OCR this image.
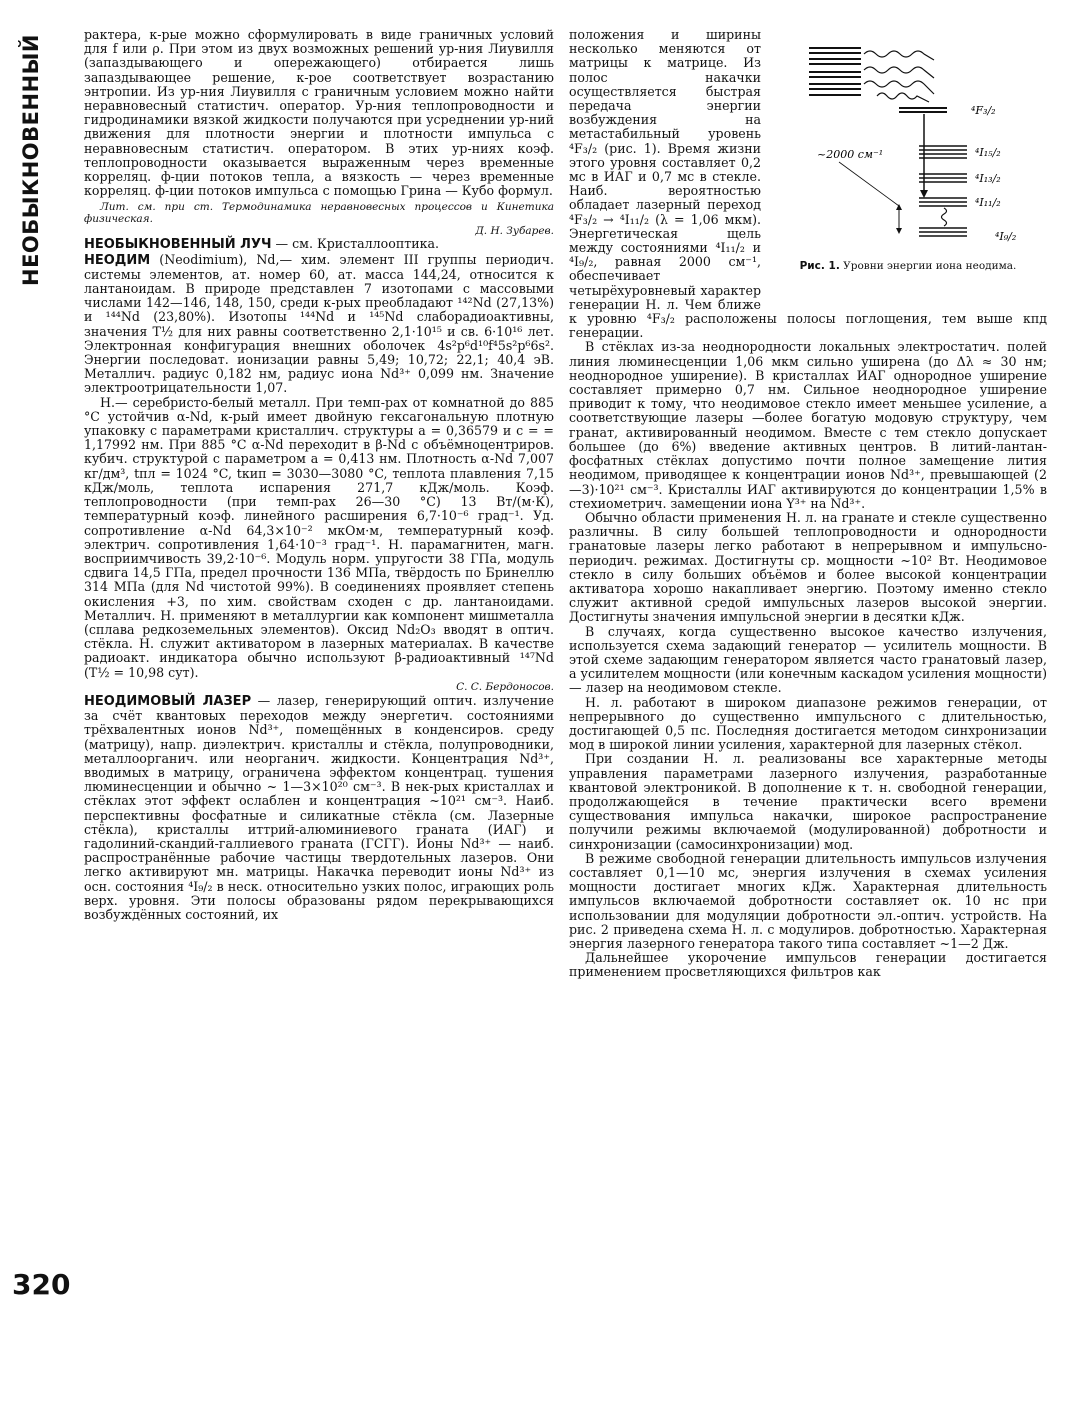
НЕОБЫКНОВЕННЫЙ
320

рактера, к-рые можно сформулировать в виде граничных условий для f или ρ. При этом из двух возможных решений ур-ния Лиувилля (запаздывающего и опережающего) отбирается лишь запаздывающее решение, к-рое соответствует возрастанию энтропии. Из ур-ния Лиувилля с граничным условием можно найти неравновесный статистич. оператор. Ур-ния теплопроводности и гидродинамики вязкой жидкости получаются при усреднении ур-ний движения для плотности энергии и плотности импульса с неравновесным статистич. оператором. В этих ур-ниях коэф. теплопроводности оказывается выраженным через временные корреляц. ф-ции потоков тепла, а вязкость — через временные корреляц. ф-ции потоков импульса с помощью Грина — Кубо формул.

Лит. см. при ст. Термодинамика неравновесных процессов и Кинетика физическая.
Д. Н. Зубарев.

НЕОБЫКНОВЕННЫЙ ЛУЧ — см. Кристаллооптика.

НЕОДИМ (Neodimium), Nd,— хим. элемент III группы периодич. системы элементов, ат. номер 60, ат. масса 144,24, относится к лантаноидам. В природе представлен 7 изотопами с массовыми числами 142—146, 148, 150, среди к-рых преобладают ¹⁴²Nd (27,13%) и ¹⁴⁴Nd (23,80%). Изотопы ¹⁴⁴Nd и ¹⁴⁵Nd слаборадиоактивны, значения T½ для них равны соответственно 2,1·10¹⁵ и св. 6·10¹⁶ лет. Электронная конфигурация внешних оболочек 4s²p⁶d¹⁰f⁴5s²p⁶6s². Энергии последоват. ионизации равны 5,49; 10,72; 22,1; 40,4 эВ. Металлич. радиус 0,182 нм, радиус иона Nd³⁺ 0,099 нм. Значение электроотрицательности 1,07.

Н.— серебристо-белый металл. При темп-рах от комнатной до 885 °C устойчив α-Nd, к-рый имеет двойную гексагональную плотную упаковку с параметрами кристаллич. структуры a = 0,36579 и c = = 1,17992 нм. При 885 °C α-Nd переходит в β-Nd с объёмноцентриров. кубич. структурой с параметром a = 0,413 нм. Плотность α-Nd 7,007 кг/дм³, tпл = 1024 °C, tкип = 3030—3080 °C, теплота плавления 7,15 кДж/моль, теплота испарения 271,7 кДж/моль. Коэф. теплопроводности (при темп-рах 26—30 °C) 13 Вт/(м·К), температурный коэф. линейного расширения 6,7·10⁻⁶ град⁻¹. Уд. сопротивление α-Nd 64,3×10⁻² мкОм·м, температурный коэф. электрич. сопротивления 1,64·10⁻³ град⁻¹. Н. парамагнитен, магн. восприимчивость 39,2·10⁻⁶. Модуль норм. упругости 38 ГПа, модуль сдвига 14,5 ГПа, предел прочности 136 МПа, твёрдость по Бринеллю 314 МПа (для Nd чистотой 99%). В соединениях проявляет степень окисления +3, по хим. свойствам сходен с др. лантаноидами. Металлич. Н. применяют в металлургии как компонент мишметалла (сплава редкоземельных элементов). Оксид Nd₂O₃ вводят в оптич. стёкла. Н. служит активатором в лазерных материалах. В качестве радиоакт. индикатора обычно используют β-радиоактивный ¹⁴⁷Nd (T½ = 10,98 сут).

С. С. Бердоносов.

НЕОДИМОВЫЙ ЛАЗЕР — лазер, генерирующий оптич. излучение за счёт квантовых переходов между энергетич. состояниями трёхвалентных ионов Nd³⁺, помещённых в конденсиров. среду (матрицу), напр. диэлектрич. кристаллы и стёкла, полупроводники, металлоорганич. или неорганич. жидкости. Концентрация Nd³⁺, вводимых в матрицу, ограничена эффектом концентрац. тушения люминесценции и обычно ~ 1—3×10²⁰ см⁻³. В нек-рых кристаллах и стёклах этот эффект ослаблен и концентрация ~10²¹ см⁻³. Наиб. перспективны фосфатные и силикатные стёкла (см. Лазерные стёкла), кристаллы иттрий-алюминиевого граната (ИАГ) и гадолиний-скандий-галлиевого граната (ГСГГ). Ионы Nd³⁺ — наиб. распространённые рабочие частицы твердотельных лазеров. Они легко активируют мн. матрицы. Накачка переводит ионы Nd³⁺ из осн. состояния ⁴I₉/₂ в неск. относительно узких полос, играющих роль верх. уровня. Эти полосы образованы рядом перекрывающихся возбуждённых состояний, их

~2000 см⁻¹
⁴F₃/₂
⁴I₁₅/₂
⁴I₁₃/₂
⁴I₁₁/₂
⁴I₉/₂
Рис. 1. Уровни энергии иона неодима.

положения и ширины несколько меняются от матрицы к матрице. Из полос накачки осуществляется быстрая передача энергии возбуждения на метастабильный уровень ⁴F₃/₂ (рис. 1). Время жизни этого уровня составляет 0,2 мс в ИАГ и 0,7 мс в стекле. Наиб. вероятностью обладает лазерный переход ⁴F₃/₂ → ⁴I₁₁/₂ (λ = 1,06 мкм). Энергетическая щель между состояниями ⁴I₁₁/₂ и ⁴I₉/₂, равная 2000 см⁻¹, обеспечивает четырёхуровневый характер генерации Н. л. Чем ближе к уровню ⁴F₃/₂ расположены полосы поглощения, тем выше кпд генерации.

В стёклах из-за неоднородности локальных электростатич. полей линия люминесценции 1,06 мкм сильно уширена (до Δλ ≈ 30 нм; неоднородное уширение). В кристаллах ИАГ однородное уширение составляет примерно 0,7 нм. Сильное неоднородное уширение приводит к тому, что неодимовое стекло имеет меньшее усиление, а соответствующие лазеры —более богатую модовую структуру, чем гранат, активированный неодимом. Вместе с тем стекло допускает большее (до 6%) введение активных центров. В литий-лантан-фосфатных стёклах допустимо почти полное замещение лития неодимом, приводящее к концентрации ионов Nd³⁺, превышающей (2—3)·10²¹ см⁻³. Кристаллы ИАГ активируются до концентрации 1,5% в стехиометрич. замещении иона Y³⁺ на Nd³⁺.

Обычно области применения Н. л. на гранате и стекле существенно различны. В силу большей теплопроводности и однородности гранатовые лазеры легко работают в непрерывном и импульсно-периодич. режимах. Достигнуты ср. мощности ~10² Вт. Неодимовое стекло в силу больших объёмов и более высокой концентрации активатора хорошо накапливает энергию. Поэтому именно стекло служит активной средой импульсных лазеров высокой энергии. Достигнуты значения импульсной энергии в десятки кДж.

В случаях, когда существенно высокое качество излучения, используется схема задающий генератор — усилитель мощности. В этой схеме задающим генератором является часто гранатовый лазер, а усилителем мощности (или конечным каскадом усиления мощности) — лазер на неодимовом стекле.

Н. л. работают в широком диапазоне режимов генерации, от непрерывного до существенно импульсного с длительностью, достигающей 0,5 пс. Последняя достигается методом синхронизации мод в широкой линии усиления, характерной для лазерных стёкол.

При создании Н. л. реализованы все характерные методы управления параметрами лазерного излучения, разработанные квантовой электроникой. В дополнение к т. н. свободной генерации, продолжающейся в течение практически всего времени существования импульса накачки, широкое распространение получили режимы включаемой (модулированной) добротности и синхронизации (самосинхронизации) мод.

В режиме свободной генерации длительность импульсов излучения составляет 0,1—10 мс, энергия излучения в схемах усиления мощности достигает многих кДж. Характерная длительность импульсов включаемой добротности составляет ок. 10 нс при использовании для модуляции добротности эл.-оптич. устройств. На рис. 2 приведена схема Н. л. с модулиров. добротностью. Характерная энергия лазерного генератора такого типа составляет ~1—2 Дж.

Дальнейшее укорочение импульсов генерации достигается применением просветляющихся фильтров как
